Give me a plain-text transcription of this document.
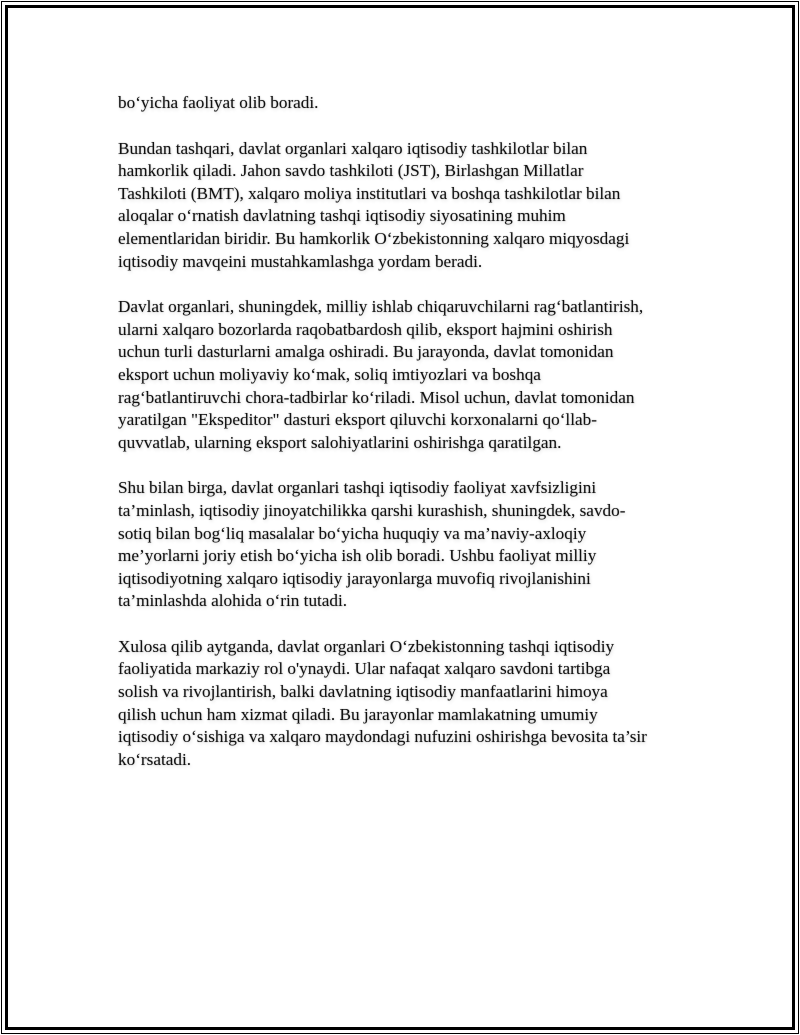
bo‘yicha faoliyat olib boradi.

Bundan tashqari, davlat organlari xalqaro iqtisodiy tashkilotlar bilan
hamkorlik qiladi. Jahon savdo tashkiloti (JST), Birlashgan Millatlar
Tashkiloti (BMT), xalqaro moliya institutlari va boshqa tashkilotlar bilan
aloqalar o‘rnatish davlatning tashqi iqtisodiy siyosatining muhim
elementlaridan biridir. Bu hamkorlik O‘zbekistonning xalqaro miqyosdagi
iqtisodiy mavqeini mustahkamlashga yordam beradi.

Davlat organlari, shuningdek, milliy ishlab chiqaruvchilarni rag‘batlantirish,
ularni xalqaro bozorlarda raqobatbardosh qilib, eksport hajmini oshirish
uchun turli dasturlarni amalga oshiradi. Bu jarayonda, davlat tomonidan
eksport uchun moliyaviy ko‘mak, soliq imtiyozlari va boshqa
rag‘batlantiruvchi chora-tadbirlar ko‘riladi. Misol uchun, davlat tomonidan
yaratilgan "Ekspeditor" dasturi eksport qiluvchi korxonalarni qo‘llab-
quvvatlab, ularning eksport salohiyatlarini oshirishga qaratilgan.

Shu bilan birga, davlat organlari tashqi iqtisodiy faoliyat xavfsizligini
ta’minlash, iqtisodiy jinoyatchilikka qarshi kurashish, shuningdek, savdo-
sotiq bilan bog‘liq masalalar bo‘yicha huquqiy va ma’naviy-axloqiy
me’yorlarni joriy etish bo‘yicha ish olib boradi. Ushbu faoliyat milliy
iqtisodiyotning xalqaro iqtisodiy jarayonlarga muvofiq rivojlanishini
ta’minlashda alohida o‘rin tutadi.

Xulosa qilib aytganda, davlat organlari O‘zbekistonning tashqi iqtisodiy
faoliyatida markaziy rol o'ynaydi. Ular nafaqat xalqaro savdoni tartibga
solish va rivojlantirish, balki davlatning iqtisodiy manfaatlarini himoya
qilish uchun ham xizmat qiladi. Bu jarayonlar mamlakatning umumiy
iqtisodiy o‘sishiga va xalqaro maydondagi nufuzini oshirishga bevosita ta’sir
ko‘rsatadi.
